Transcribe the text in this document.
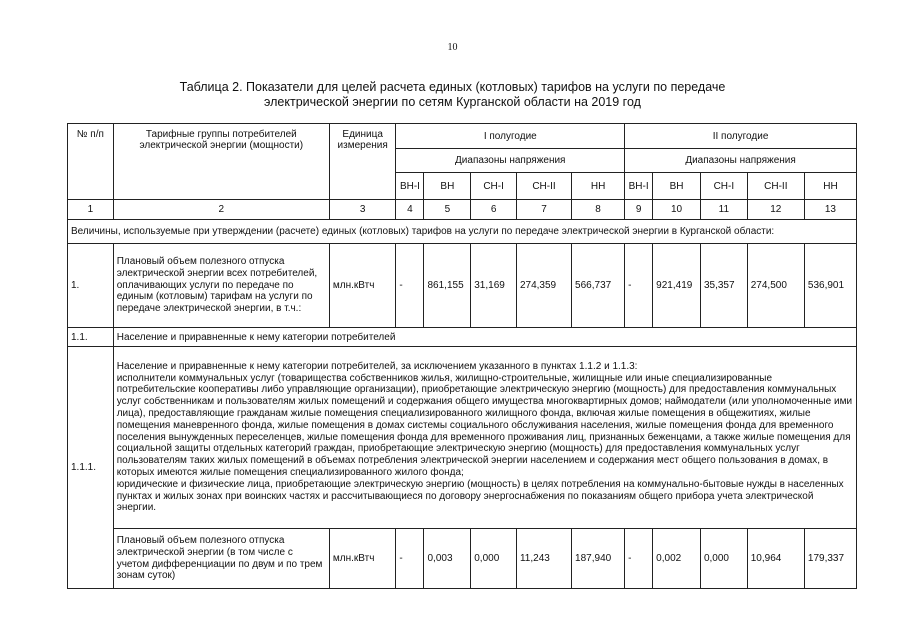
10
Таблица 2. Показатели для целей расчета единых (котловых) тарифов на услуги по передаче
электрической энергии по сетям Курганской области на 2019 год
№ п/п	Тарифные группы потребителей электрической энергии (мощности)	Единица измерения	I полугодие					II полугодие				
			Диапазоны напряжения					Диапазоны напряжения				
			ВН-I	ВН	СН-I	СН-II	НН	ВН-I	ВН	СН-I	СН-II	НН
1	2	3	4	5	6	7	8	9	10	11	12	13
Величины, используемые при утверждении (расчете) единых (котловых) тарифов на услуги по передаче электрической энергии в Курганской области:												
1.	Плановый объем полезного отпуска электрической энергии всех потребителей, оплачивающих услуги по передаче по единым (котловым) тарифам на услуги по передаче электрической энергии, в т.ч.:	млн.кВтч	-	861,155	31,169	274,359	566,737	-	921,419	35,357	274,500	536,901
1.1.	Население и приравненные к нему категории потребителей											
1.1.1.	Население и приравненные к нему категории потребителей, за исключением указанного в пунктах 1.1.2 и 1.1.3:
исполнители коммунальных услуг (товарищества собственников жилья, жилищно-строительные, жилищные или иные специализированные потребительские кооперативы либо управляющие организации), приобретающие электрическую энергию (мощность) для предоставления коммунальных услуг собственникам и пользователям жилых помещений и содержания общего имущества многоквартирных домов; наймодатели (или уполномоченные ими лица), предоставляющие гражданам жилые помещения специализированного жилищного фонда, включая жилые помещения в общежитиях, жилые помещения маневренного фонда, жилые помещения в домах системы социального обслуживания населения, жилые помещения фонда для временного поселения вынужденных переселенцев, жилые помещения фонда для временного проживания лиц, признанных беженцами, а также жилые помещения для социальной защиты отдельных категорий граждан, приобретающие электрическую энергию (мощность) для предоставления коммунальных услуг пользователям таких жилых помещений в объемах потребления электрической энергии населением и содержания мест общего пользования в домах, в которых имеются жилые помещения специализированного жилого фонда;
юридические и физические лица, приобретающие электрическую энергию (мощность) в целях потребления на коммунально-бытовые нужды в населенных пунктах и жилых зонах при воинских частях и рассчитывающиеся по договору энергоснабжения по показаниям общего прибора учета электрической энергии.											

	Плановый объем полезного отпуска электрической энергии (в том числе с учетом дифференциации по двум и по трем зонам суток)	млн.кВтч	-	0,003	0,000	11,243	187,940	-	0,002	0,000	10,964	179,337
